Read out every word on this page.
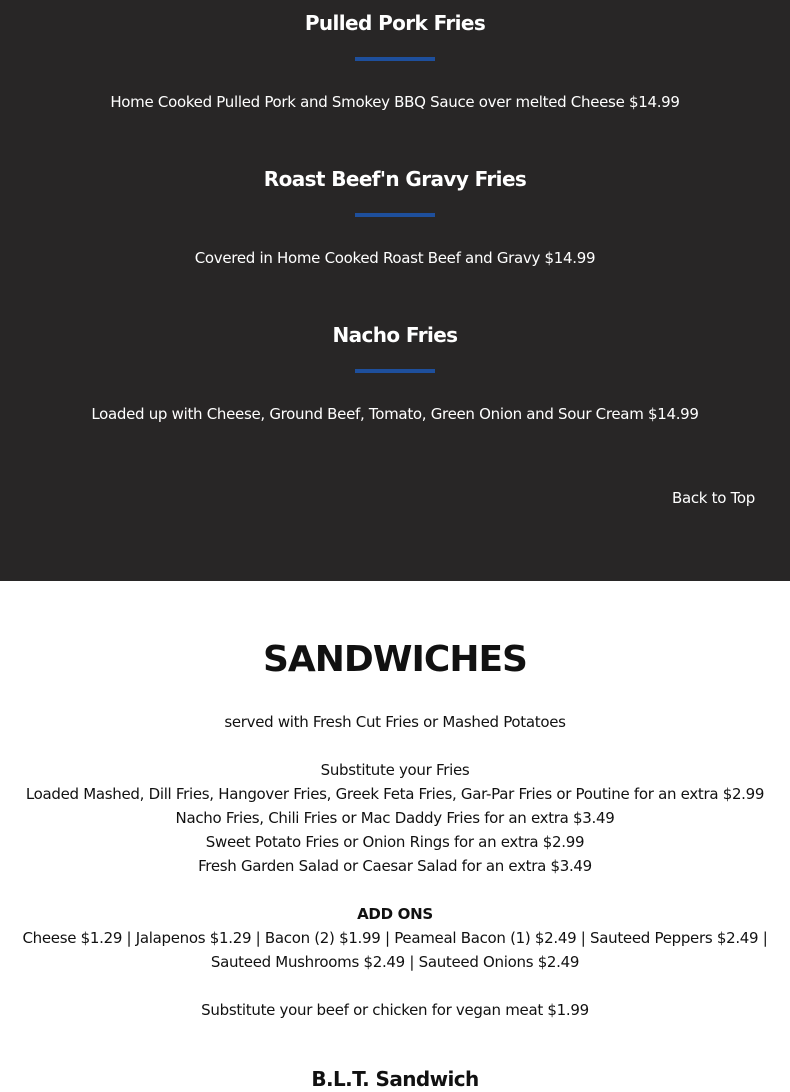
Pulled Pork Fries
Home Cooked Pulled Pork and Smokey BBQ Sauce over melted Cheese $14.99
Roast Beef'n Gravy Fries
Covered in Home Cooked Roast Beef and Gravy $14.99
Nacho Fries
Loaded up with Cheese, Ground Beef, Tomato, Green Onion and Sour Cream $14.99
Back to Top
SANDWICHES
served with Fresh Cut Fries or Mashed Potatoes
Substitute your Fries
Loaded Mashed, Dill Fries, Hangover Fries, Greek Feta Fries, Gar-Par Fries or Poutine for an extra $2.99
Nacho Fries, Chili Fries or Mac Daddy Fries for an extra $3.49
Sweet Potato Fries or Onion Rings for an extra $2.99
Fresh Garden Salad or Caesar Salad for an extra $3.49
ADD ONS
Cheese $1.29 | Jalapenos $1.29 | Bacon (2) $1.99 | Peameal Bacon (1) $2.49 | Sauteed Peppers $2.49 |
Sauteed Mushrooms $2.49 | Sauteed Onions $2.49
Substitute your beef or chicken for vegan meat $1.99
B.L.T. Sandwich
